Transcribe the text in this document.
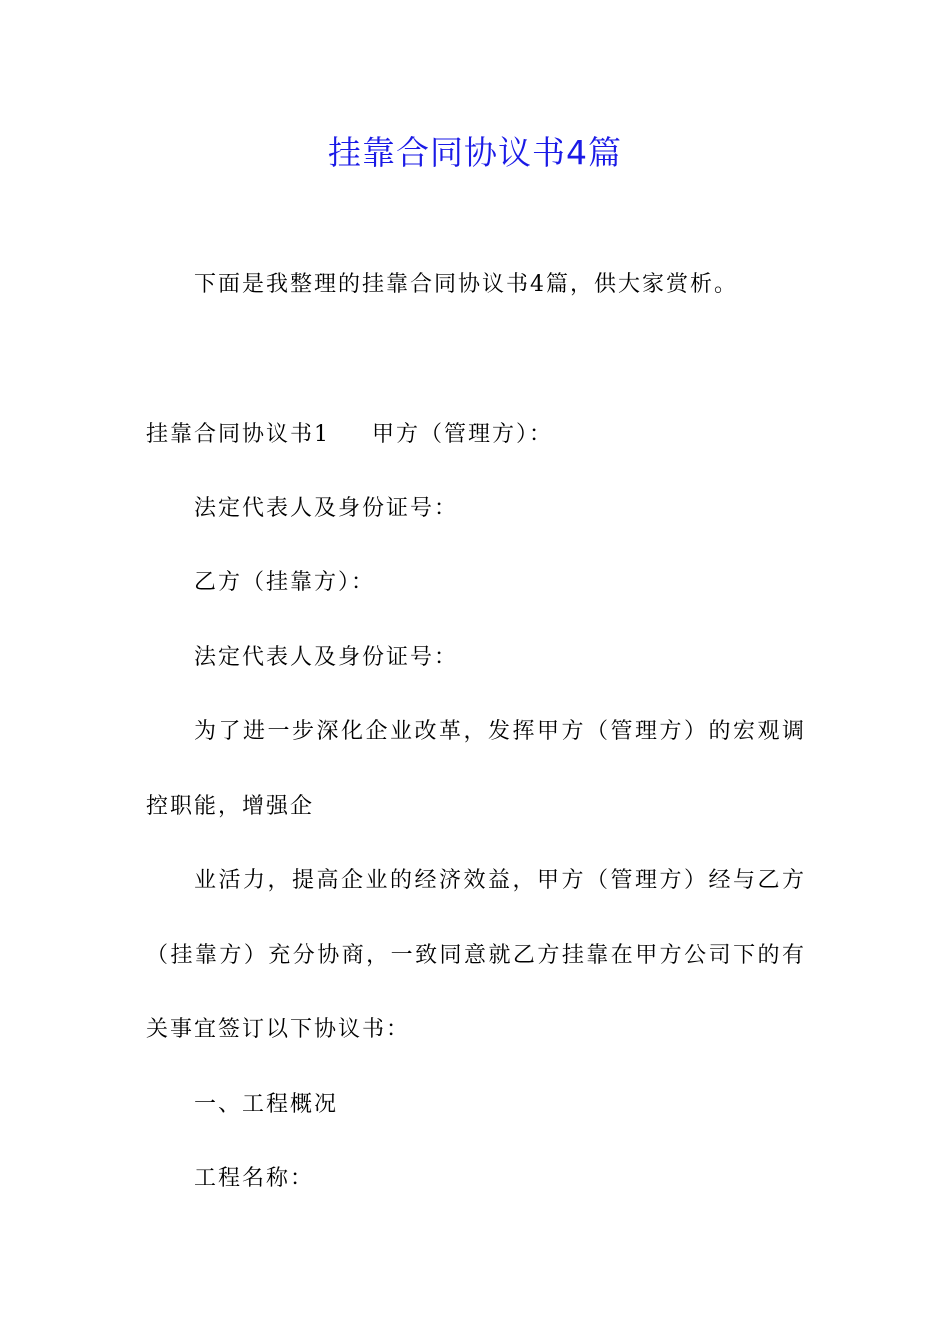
挂靠合同协议书4篇
下面是我整理的挂靠合同协议书4篇，供大家赏析。
挂靠合同协议书1 甲方（管理方）：
法定代表人及身份证号：
乙方（挂靠方）：
法定代表人及身份证号：
为了进一步深化企业改革，发挥甲方（管理方）的宏观调
控职能，增强企
业活力，提高企业的经济效益，甲方（管理方）经与乙方
（挂靠方）充分协商，一致同意就乙方挂靠在甲方公司下的有
关事宜签订以下协议书：
一、工程概况
工程名称：
